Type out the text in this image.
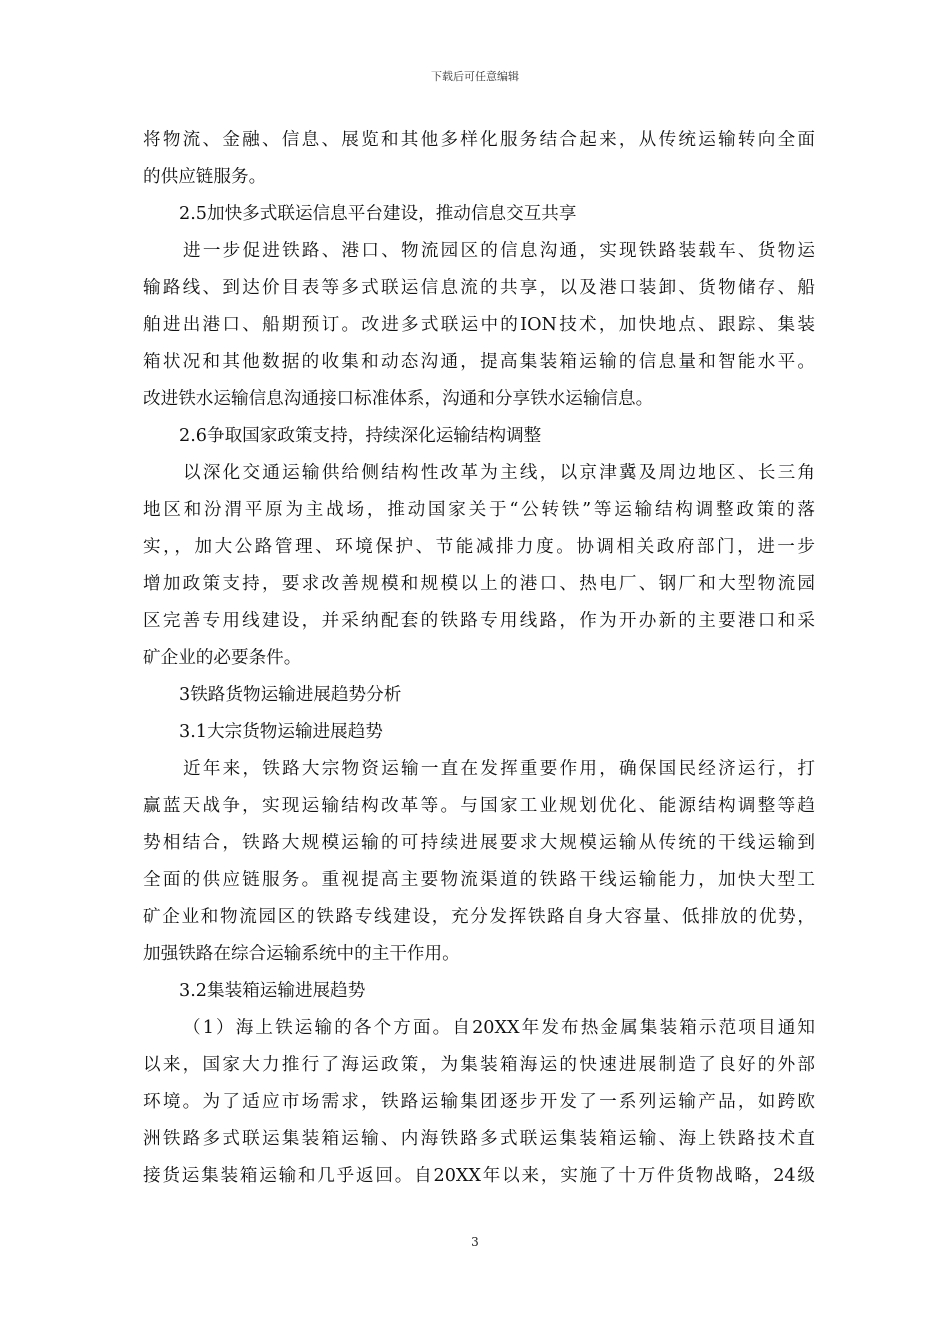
下载后可任意编辑
将物流、金融、信息、展览和其他多样化服务结合起来，从传统运输转向全面
的供应链服务。
2.5加快多式联运信息平台建设，推动信息交互共享
进一步促进铁路、港口、物流园区的信息沟通，实现铁路装载车、货物运
输路线、到达价目表等多式联运信息流的共享，以及港口装卸、货物储存、船
舶进出港口、船期预订。改进多式联运中的ION技术，加快地点、跟踪、集装
箱状况和其他数据的收集和动态沟通，提高集装箱运输的信息量和智能水平。
改进铁水运输信息沟通接口标准体系，沟通和分享铁水运输信息。
2.6争取国家政策支持，持续深化运输结构调整
以深化交通运输供给侧结构性改革为主线，以京津冀及周边地区、长三角
地区和汾渭平原为主战场，推动国家关于“公转铁”等运输结构调整政策的落
实，，加大公路管理、环境保护、节能减排力度。协调相关政府部门，进一步
增加政策支持，要求改善规模和规模以上的港口、热电厂、钢厂和大型物流园
区完善专用线建设，并采纳配套的铁路专用线路，作为开办新的主要港口和采
矿企业的必要条件。
3铁路货物运输进展趋势分析
3.1大宗货物运输进展趋势
近年来，铁路大宗物资运输一直在发挥重要作用，确保国民经济运行，打
赢蓝天战争，实现运输结构改革等。与国家工业规划优化、能源结构调整等趋
势相结合，铁路大规模运输的可持续进展要求大规模运输从传统的干线运输到
全面的供应链服务。重视提高主要物流渠道的铁路干线运输能力，加快大型工
矿企业和物流园区的铁路专线建设，充分发挥铁路自身大容量、低排放的优势，
加强铁路在综合运输系统中的主干作用。
3.2集装箱运输进展趋势
（1）海上铁运输的各个方面。自20XX年发布热金属集装箱示范项目通知
以来，国家大力推行了海运政策，为集装箱海运的快速进展制造了良好的外部
环境。为了适应市场需求，铁路运输集团逐步开发了一系列运输产品，如跨欧
洲铁路多式联运集装箱运输、内海铁路多式联运集装箱运输、海上铁路技术直
接货运集装箱运输和几乎返回。自20XX年以来，实施了十万件货物战略，24级
3
